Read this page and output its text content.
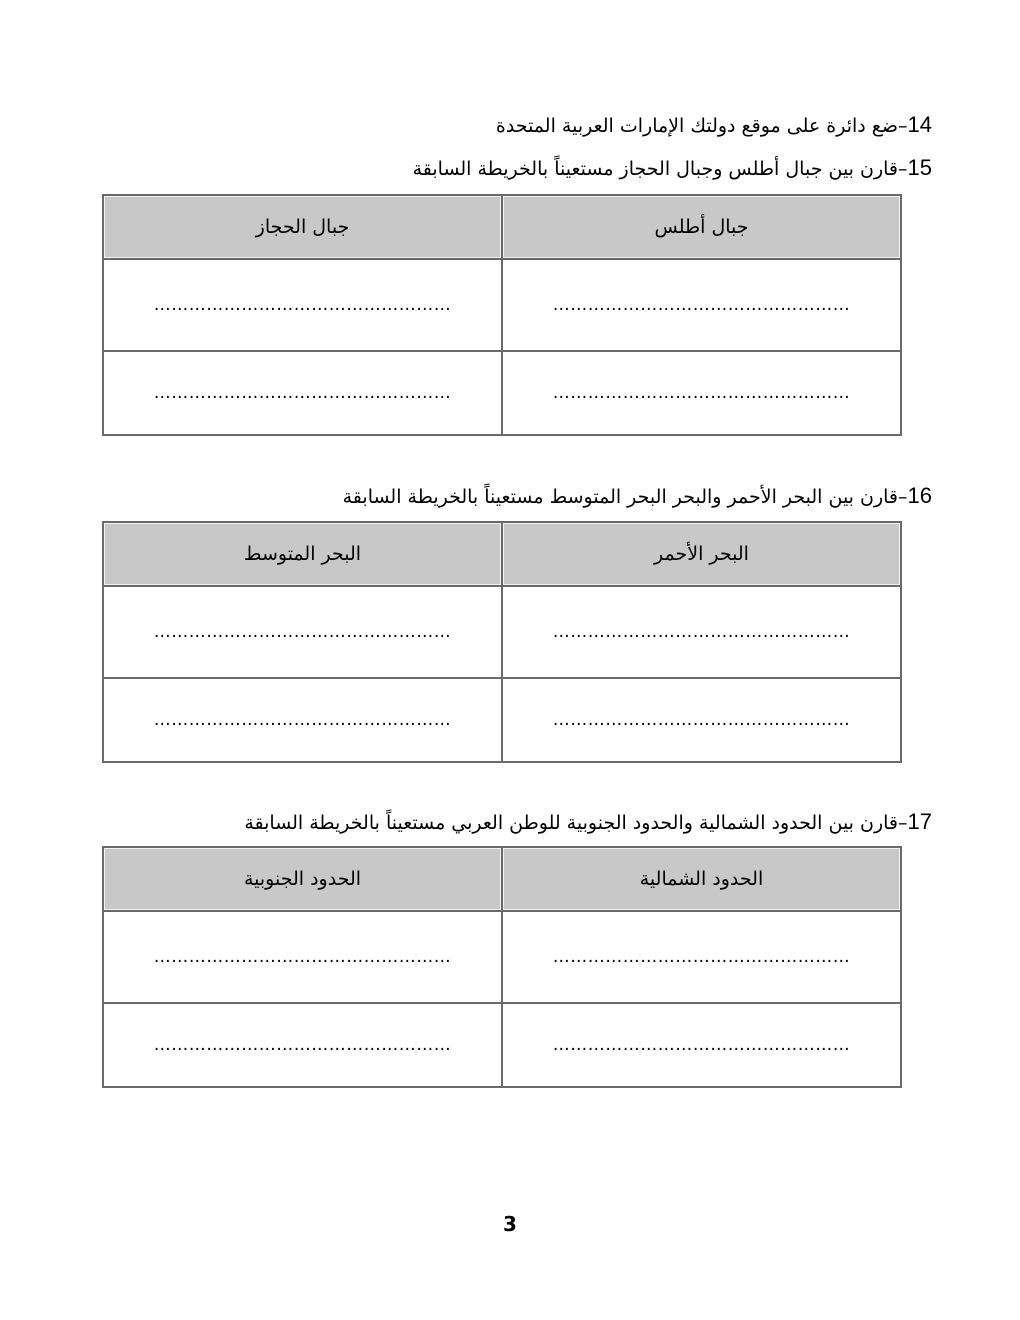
14–ضع دائرة على موقع دولتك الإمارات العربية المتحدة
15–قارن بين جبال أطلس وجبال الحجاز مستعيناً بالخريطة السابقة
جبال أطلس	جبال الحجاز
……………………………………………	……………………………………………
……………………………………………	……………………………………………
16–قارن بين البحر الأحمر والبحر البحر المتوسط مستعيناً بالخريطة السابقة
البحر الأحمر	البحر المتوسط
……………………………………………	……………………………………………
……………………………………………	……………………………………………
17–قارن بين الحدود الشمالية والحدود الجنوبية للوطن العربي مستعيناً بالخريطة السابقة
الحدود الشمالية	الحدود الجنوبية
……………………………………………	……………………………………………
……………………………………………	……………………………………………
3
